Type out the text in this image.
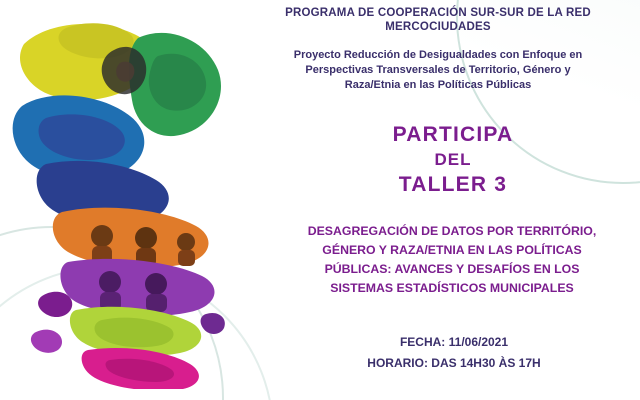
PROGRAMA DE COOPERACIÓN SUR-SUR DE LA RED
MERCOCIUDADES
Proyecto Reducción de Desigualdades con Enfoque en
Perspectivas Transversales de Territorio, Género y
Raza/Etnia en las Políticas Públicas
PARTICIPA
DEL
TALLER 3
DESAGREGACIÓN DE DATOS POR TERRITÓRIO,
GÉNERO Y RAZA/ETNIA EN LAS POLÍTICAS
PÚBLICAS: AVANCES Y DESAFÍOS EN LOS
SISTEMAS ESTADÍSTICOS MUNICIPALES
FECHA: 11/06/2021
HORARIO: DAS 14H30 ÀS 17H
